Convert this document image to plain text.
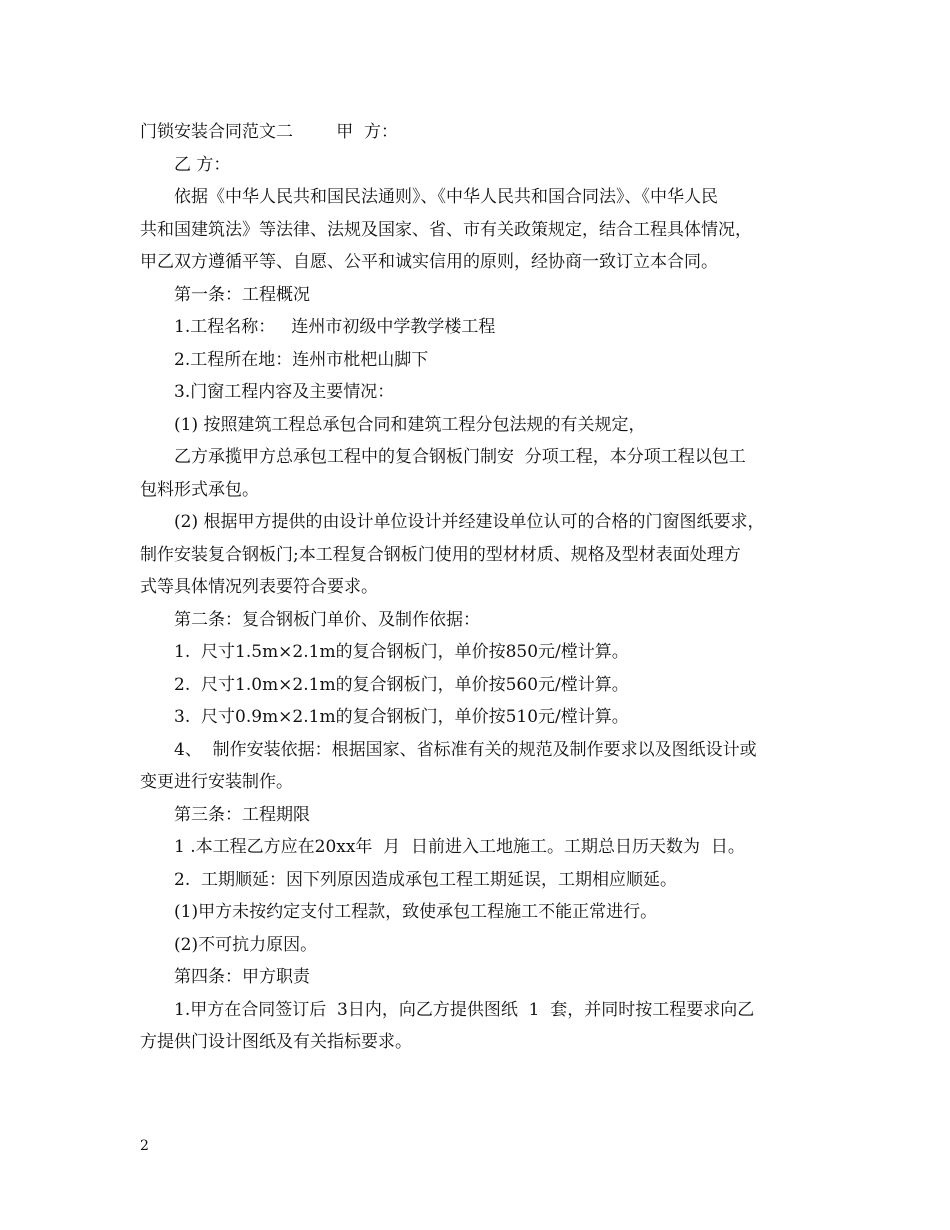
门锁安装合同范文二        甲  方：
乙 方：
依据《中华人民共和国民法通则》、《中华人民共和国合同法》、《中华人民
共和国建筑法》等法律、法规及国家、省、市有关政策规定，结合工程具体情况，
甲乙双方遵循平等、自愿、公平和诚实信用的原则，经协商一致订立本合同。
第一条：工程概况
1.工程名称：   连州市初级中学教学楼工程
2.工程所在地：连州市枇杷山脚下
3.门窗工程内容及主要情况：
(1) 按照建筑工程总承包合同和建筑工程分包法规的有关规定，
乙方承揽甲方总承包工程中的复合钢板门制安  分项工程，本分项工程以包工
包料形式承包。
(2) 根据甲方提供的由设计单位设计并经建设单位认可的合格的门窗图纸要求，
制作安装复合钢板门;本工程复合钢板门使用的型材材质、规格及型材表面处理方
式等具体情况列表要符合要求。
第二条：复合钢板门单价、及制作依据：
1.  尺寸1.5m×2.1m的复合钢板门，单价按850元/樘计算。
2.  尺寸1.0m×2.1m的复合钢板门，单价按560元/樘计算。
3.  尺寸0.9m×2.1m的复合钢板门，单价按510元/樘计算。
4、  制作安装依据：根据国家、省标准有关的规范及制作要求以及图纸设计或
变更进行安装制作。
第三条：工程期限
1 .本工程乙方应在20xx年  月  日前进入工地施工。工期总日历天数为  日。
2.  工期顺延：因下列原因造成承包工程工期延误，工期相应顺延。
(1)甲方未按约定支付工程款，致使承包工程施工不能正常进行。
(2)不可抗力原因。
第四条：甲方职责
1.甲方在合同签订后  3日内，向乙方提供图纸  1  套，并同时按工程要求向乙
方提供门设计图纸及有关指标要求。
2
